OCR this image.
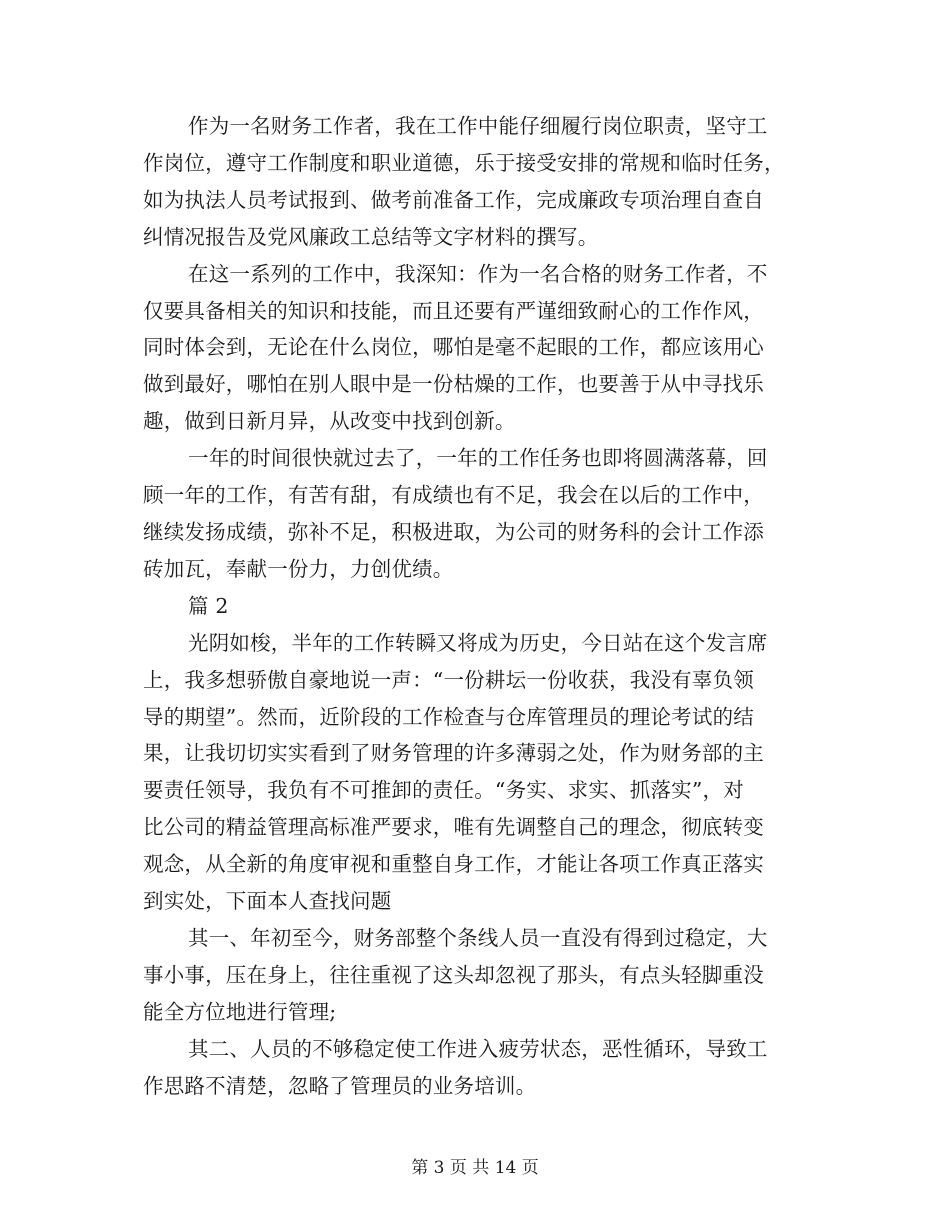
作为一名财务工作者，我在工作中能仔细履行岗位职责，坚守工
作岗位，遵守工作制度和职业道德，乐于接受安排的常规和临时任务，
如为执法人员考试报到、做考前准备工作，完成廉政专项治理自查自
纠情况报告及党风廉政工总结等文字材料的撰写。

在这一系列的工作中，我深知：作为一名合格的财务工作者，不
仅要具备相关的知识和技能，而且还要有严谨细致耐心的工作作风，
同时体会到，无论在什么岗位，哪怕是毫不起眼的工作，都应该用心
做到最好，哪怕在别人眼中是一份枯燥的工作，也要善于从中寻找乐
趣，做到日新月异，从改变中找到创新。

一年的时间很快就过去了，一年的工作任务也即将圆满落幕，回
顾一年的工作，有苦有甜，有成绩也有不足，我会在以后的工作中，
继续发扬成绩，弥补不足，积极进取，为公司的财务科的会计工作添
砖加瓦，奉献一份力，力创优绩。

篇 2

光阴如梭，半年的工作转瞬又将成为历史，今日站在这个发言席
上，我多想骄傲自豪地说一声：“一份耕坛一份收获，我没有辜负领
导的期望”。然而，近阶段的工作检查与仓库管理员的理论考试的结
果，让我切切实实看到了财务管理的许多薄弱之处，作为财务部的主
要责任领导，我负有不可推卸的责任。“务实、求实、抓落实”，对
比公司的精益管理高标准严要求，唯有先调整自己的理念，彻底转变
观念，从全新的角度审视和重整自身工作，才能让各项工作真正落实
到实处，下面本人查找问题

其一、年初至今，财务部整个条线人员一直没有得到过稳定，大
事小事，压在身上，往往重视了这头却忽视了那头，有点头轻脚重没
能全方位地进行管理;

其二、人员的不够稳定使工作进入疲劳状态，恶性循环，导致工
作思路不清楚，忽略了管理员的业务培训。

第 3 页 共 14 页
